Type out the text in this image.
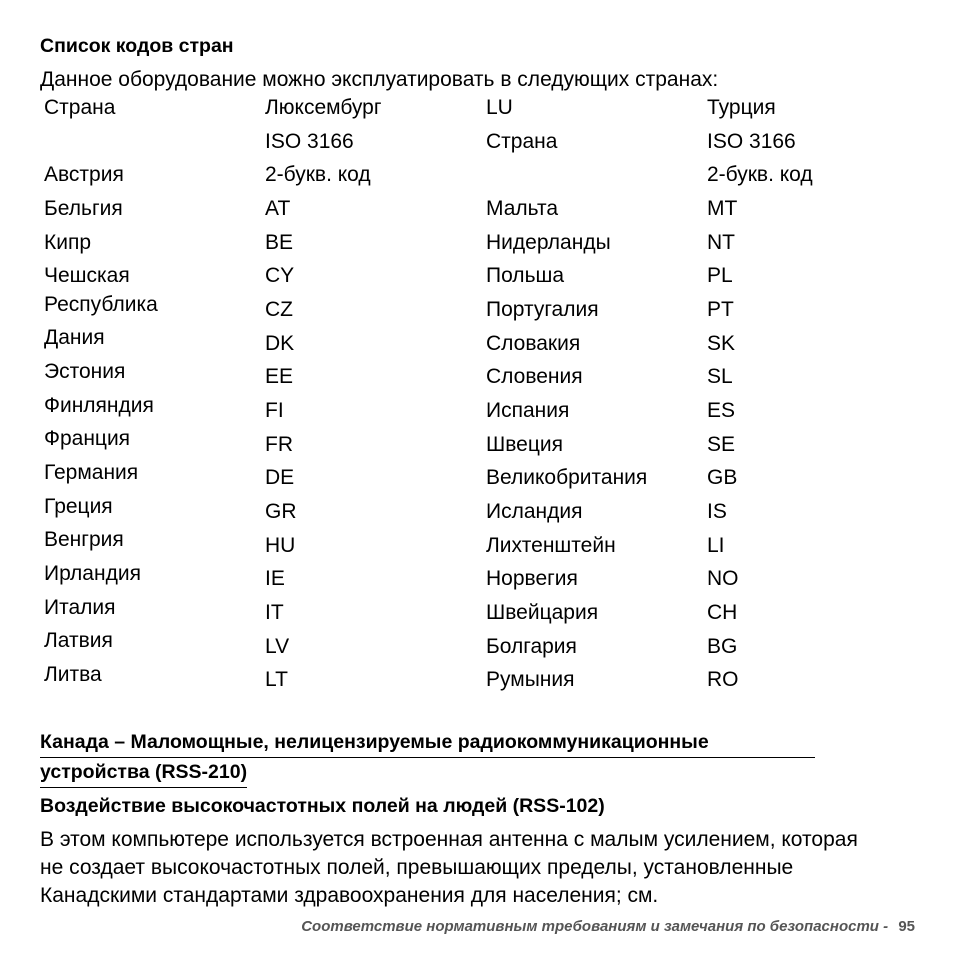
Список кодов стран
Данное оборудование можно эксплуатировать в следующих странах:
Страна	Люксембург
ISO 3166
2-букв. код
LU
Страна
Турция
ISO 3166
2-букв. код
Австрия
Бельгия
Кипр
Чешская
Республика
Дания
Эстония
Финляндия
Франция
Германия
Греция
Венгрия
Ирландия
Италия
Латвия
Литва
AT
BE
CY
CZ
DK
EE
FI
FR
DE
GR
HU
IE
IT
LV
LT
Мальта
Нидерланды
Польша
Португалия
Словакия
Словения
Испания
Швеция
Великобритания
Исландия
Лихтенштейн
Норвегия
Швейцария
Болгария
Румыния
MT
NT
PL
PT
SK
SL
ES
SE
GB
IS
LI
NO
CH
BG
RO
Канада – Маломощные, нелицензируемые радиокоммуникационные
устройства (RSS-210)
Воздействие высокочастотных полей на людей (RSS-102)
В этом компьютере используется встроенная антенна с малым усилением, которая
не создает высокочастотных полей, превышающих пределы, установленные
Канадскими стандартами здравоохранения для населения; см.
Соответствие нормативным требованиям и замечания по безопасности - 95
